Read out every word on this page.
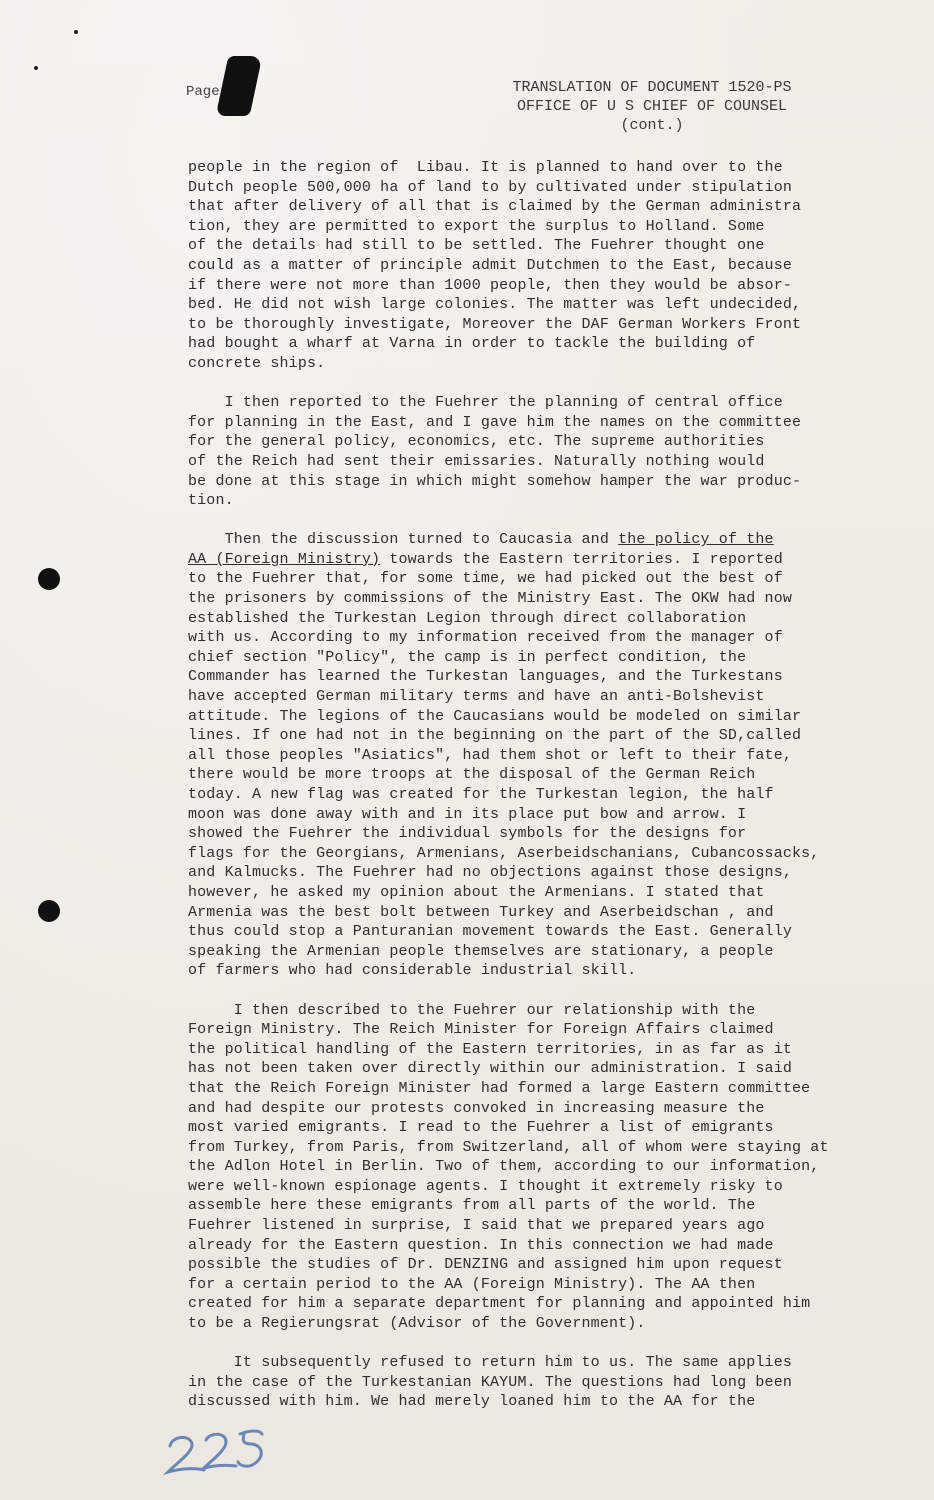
Page	TRANSLATION OF DOCUMENT 1520-PS
OFFICE OF U S CHIEF OF COUNSEL
(cont.)
people in the region of  Libau. It is planned to hand over to the
Dutch people 500,000 ha of land to by cultivated under stipulation
that after delivery of all that is claimed by the German administra
tion, they are permitted to export the surplus to Holland. Some
of the details had still to be settled. The Fuehrer thought one
could as a matter of principle admit Dutchmen to the East, because
if there were not more than 1000 people, then they would be absor-
bed. He did not wish large colonies. The matter was left undecided,
to be thoroughly investigate, Moreover the DAF German Workers Front
had bought a wharf at Varna in order to tackle the building of
concrete ships.
I then reported to the Fuehrer the planning of central office
for planning in the East, and I gave him the names on the committee
for the general policy, economics, etc. The supreme authorities
of the Reich had sent their emissaries. Naturally nothing would
be done at this stage in which might somehow hamper the war produc-
tion.
Then the discussion turned to Caucasia and the policy of the
AA (Foreign Ministry) towards the Eastern territories. I reported
to the Fuehrer that, for some time, we had picked out the best of
the prisoners by commissions of the Ministry East. The OKW had now
established the Turkestan Legion through direct collaboration
with us. According to my information received from the manager of
chief section "Policy", the camp is in perfect condition, the
Commander has learned the Turkestan languages, and the Turkestans
have accepted German military terms and have an anti-Bolshevist
attitude. The legions of the Caucasians would be modeled on similar
lines. If one had not in the beginning on the part of the SD,called
all those peoples "Asiatics", had them shot or left to their fate,
there would be more troops at the disposal of the German Reich
today. A new flag was created for the Turkestan legion, the half
moon was done away with and in its place put bow and arrow. I
showed the Fuehrer the individual symbols for the designs for
flags for the Georgians, Armenians, Aserbeidschanians, Cubancossacks,
and Kalmucks. The Fuehrer had no objections against those designs,
however, he asked my opinion about the Armenians. I stated that
Armenia was the best bolt between Turkey and Aserbeidschan , and
thus could stop a Panturanian movement towards the East. Generally
speaking the Armenian people themselves are stationary, a people
of farmers who had considerable industrial skill.
I then described to the Fuehrer our relationship with the
Foreign Ministry. The Reich Minister for Foreign Affairs claimed
the political handling of the Eastern territories, in as far as it
has not been taken over directly within our administration. I said
that the Reich Foreign Minister had formed a large Eastern committee
and had despite our protests convoked in increasing measure the
most varied emigrants. I read to the Fuehrer a list of emigrants
from Turkey, from Paris, from Switzerland, all of whom were staying at
the Adlon Hotel in Berlin. Two of them, according to our information,
were well-known espionage agents. I thought it extremely risky to
assemble here these emigrants from all parts of the world. The
Fuehrer listened in surprise, I said that we prepared years ago
already for the Eastern question. In this connection we had made
possible the studies of Dr. DENZING and assigned him upon request
for a certain period to the AA (Foreign Ministry). The AA then
created for him a separate department for planning and appointed him
to be a Regierungsrat (Advisor of the Government).
It subsequently refused to return him to us. The same applies
in the case of the Turkestanian KAYUM. The questions had long been
discussed with him. We had merely loaned him to the AA for the
